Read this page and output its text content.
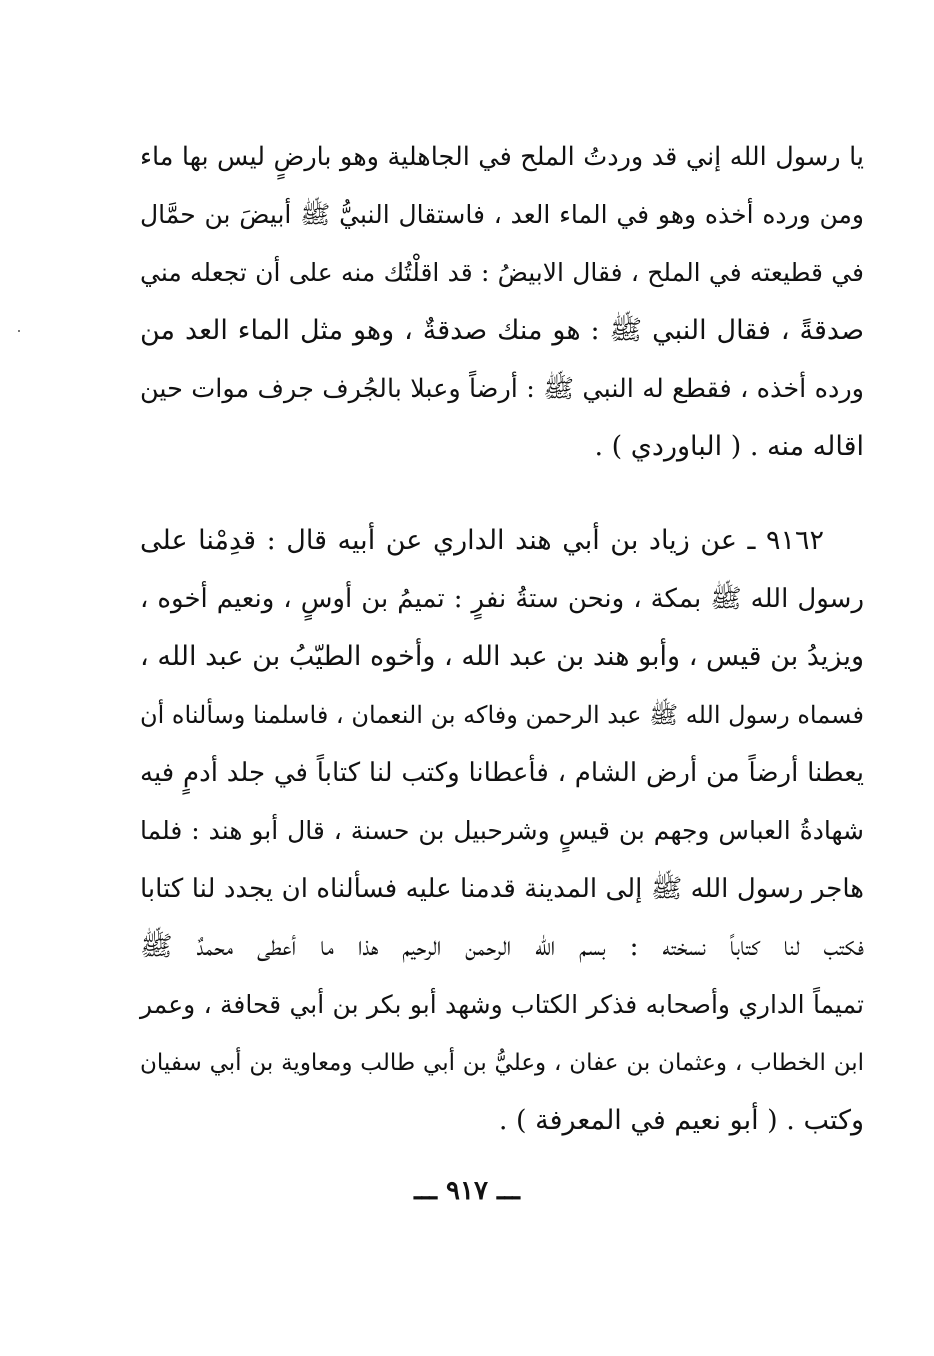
يا رسول الله إني قد وردتُ الملح في الجاهلية وهو بارضٍ ليس بها ماء
ومن ورده أخذه وهو في الماء العد ، فاستقال النبيُّ ﷺ أبيضَ بن حمَّال
في قطيعته في الملح ، فقال الابيضُ : قد اقلْتُك منه على أن تجعله مني
صدقةً ، فقال النبي ﷺ : هو منك صدقةٌ ، وهو مثل الماء العد من
ورده أخذه ، فقطع له النبي ﷺ : أرضاً وعبلا بالجُرف جرف موات حين
اقاله منه . ( الباوردي ) .
٩١٦٢ ـ عن زياد بن أبي هند الداري عن أبيه قال : قدِمْنا على
رسول الله ﷺ بمكة ، ونحن ستةُ نفرٍ : تميمُ بن أوسٍ ، ونعيم أخوه ،
ويزيدُ بن قيس ، وأبو هند بن عبد الله ، وأخوه الطيّبُ بن عبد الله ،
فسماه رسول الله ﷺ عبد الرحمن وفاكه بن النعمان ، فاسلمنا وسألناه أن
يعطنا أرضاً من أرض الشام ، فأعطانا وكتب لنا كتاباً في جلد أدمٍ فيه
شهادةُ العباس وجهم بن قيسٍ وشرحبيل بن حسنة ، قال أبو هند : فلما
هاجر رسول الله ﷺ إلى المدينة قدمنا عليه فسألناه ان يجدد لنا كتابا
فكتب لنا كتاباً نسخته : بسم الله الرحمن الرحيم هذا ما أعطى محمدٌ ﷺ
تميماً الداري وأصحابه فذكر الكتاب وشهد أبو بكر بن أبي قحافة ، وعمر
ابن الخطاب ، وعثمان بن عفان ، وعليُّ بن أبي طالب ومعاوية بن أبي سفيان
وكتب . ( أبو نعيم في المعرفة ) .
ـــ ٩١٧ ـــ
